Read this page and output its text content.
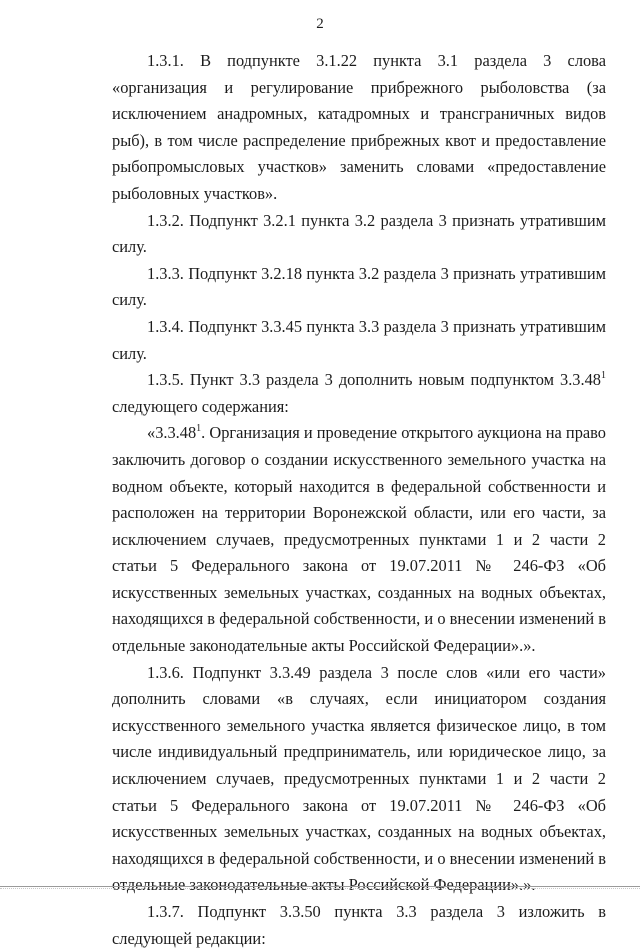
2

1.3.1. В подпункте 3.1.22 пункта 3.1 раздела 3 слова «организация и регулирование прибрежного рыболовства (за исключением анадромных, катадромных и трансграничных видов рыб), в том числе распределение прибрежных квот и предоставление рыбопромысловых участков» заменить словами «предоставление рыболовных участков».

1.3.2. Подпункт 3.2.1 пункта 3.2 раздела 3 признать утратившим силу.

1.3.3. Подпункт 3.2.18 пункта 3.2 раздела 3 признать утратившим силу.

1.3.4. Подпункт 3.3.45 пункта 3.3 раздела 3 признать утратившим силу.

1.3.5. Пункт 3.3 раздела 3 дополнить новым подпунктом 3.3.48$^1$ следующего содержания:

«3.3.48$^1$. Организация и проведение открытого аукциона на право заключить договор о создании искусственного земельного участка на водном объекте, который находится в федеральной собственности и расположен на территории Воронежской области, или его части, за исключением случаев, предусмотренных пунктами 1 и 2 части 2 статьи 5 Федерального закона от 19.07.2011 № 246-ФЗ «Об искусственных земельных участках, созданных на водных объектах, находящихся в федеральной собственности, и о внесении изменений в отдельные законодательные акты Российской Федерации».».

1.3.6. Подпункт 3.3.49 раздела 3 после слов «или его части» дополнить словами «в случаях, если инициатором создания искусственного земельного участка является физическое лицо, в том числе индивидуальный предприниматель, или юридическое лицо, за исключением случаев, предусмотренных пунктами 1 и 2 части 2 статьи 5 Федерального закона от 19.07.2011 № 246-ФЗ «Об искусственных земельных участках, созданных на водных объектах, находящихся в федеральной собственности, и о внесении изменений в отдельные законодательные акты Российской Федерации».».

1.3.7. Подпункт 3.3.50 пункта 3.3 раздела 3 изложить в следующей редакции:
